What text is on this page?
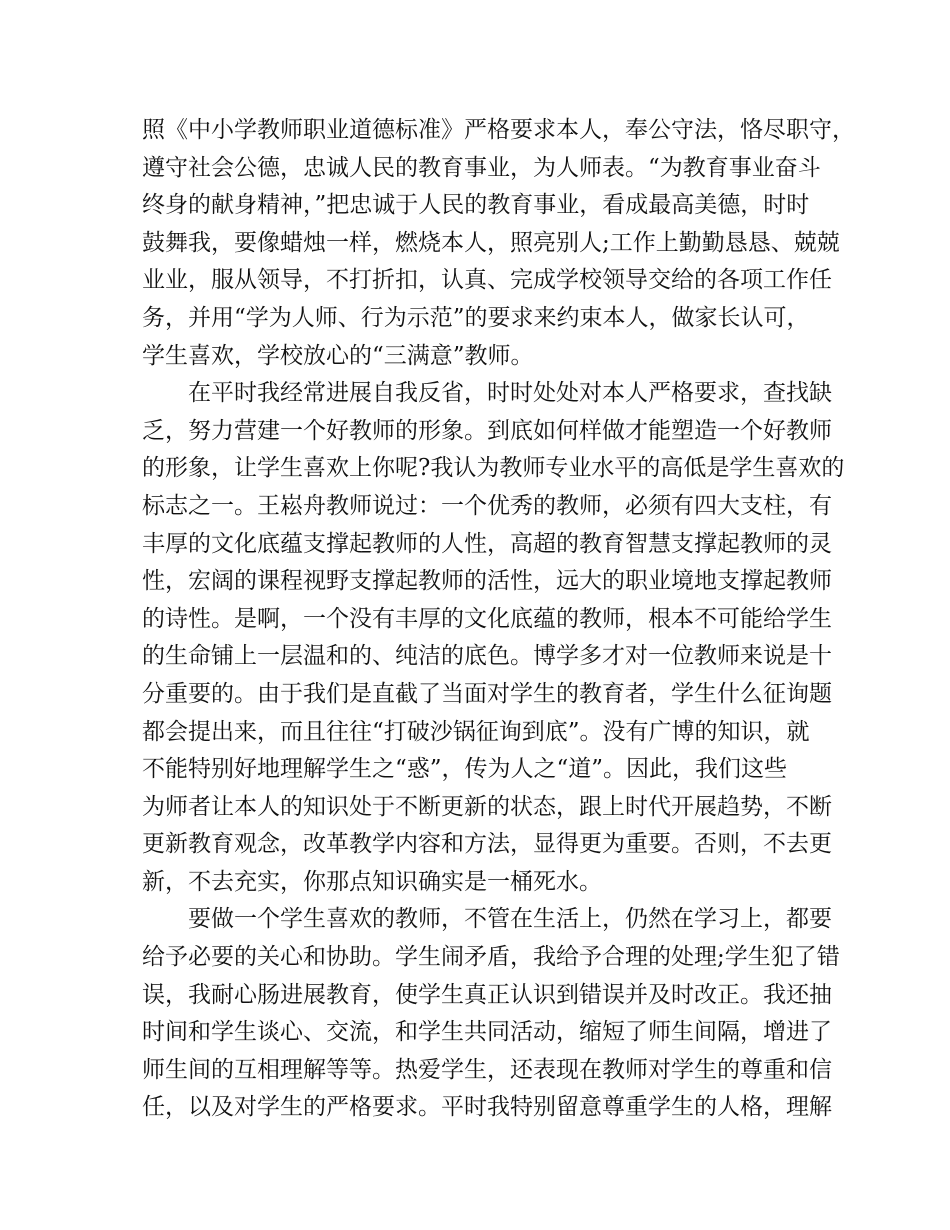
照《中小学教师职业道德标准》严格要求本人，奉公守法，恪尽职守，
遵守社会公德，忠诚人民的教育事业，为人师表。“为教育事业奋斗
终身的献身精神，”把忠诚于人民的教育事业，看成最高美德，时时
鼓舞我，要像蜡烛一样，燃烧本人，照亮别人;工作上勤勤恳恳、兢兢
业业，服从领导，不打折扣，认真、完成学校领导交给的各项工作任
务，并用“学为人师、行为示范”的要求来约束本人，做家长认可，
学生喜欢，学校放心的“三满意”教师。
在平时我经常进展自我反省，时时处处对本人严格要求，查找缺
乏，努力营建一个好教师的形象。到底如何样做才能塑造一个好教师
的形象，让学生喜欢上你呢?我认为教师专业水平的高低是学生喜欢的
标志之一。王崧舟教师说过：一个优秀的教师，必须有四大支柱，有
丰厚的文化底蕴支撑起教师的人性，高超的教育智慧支撑起教师的灵
性，宏阔的课程视野支撑起教师的活性，远大的职业境地支撑起教师
的诗性。是啊，一个没有丰厚的文化底蕴的教师，根本不可能给学生
的生命铺上一层温和的、纯洁的底色。博学多才对一位教师来说是十
分重要的。由于我们是直截了当面对学生的教育者，学生什么征询题
都会提出来，而且往往“打破沙锅征询到底”。没有广博的知识，就
不能特别好地理解学生之“惑”，传为人之“道”。因此，我们这些
为师者让本人的知识处于不断更新的状态，跟上时代开展趋势，不断
更新教育观念，改革教学内容和方法，显得更为重要。否则，不去更
新，不去充实，你那点知识确实是一桶死水。
要做一个学生喜欢的教师，不管在生活上，仍然在学习上，都要
给予必要的关心和协助。学生闹矛盾，我给予合理的处理;学生犯了错
误，我耐心肠进展教育，使学生真正认识到错误并及时改正。我还抽
时间和学生谈心、交流，和学生共同活动，缩短了师生间隔，增进了
师生间的互相理解等等。热爱学生，还表现在教师对学生的尊重和信
任，以及对学生的严格要求。平时我特别留意尊重学生的人格，理解
